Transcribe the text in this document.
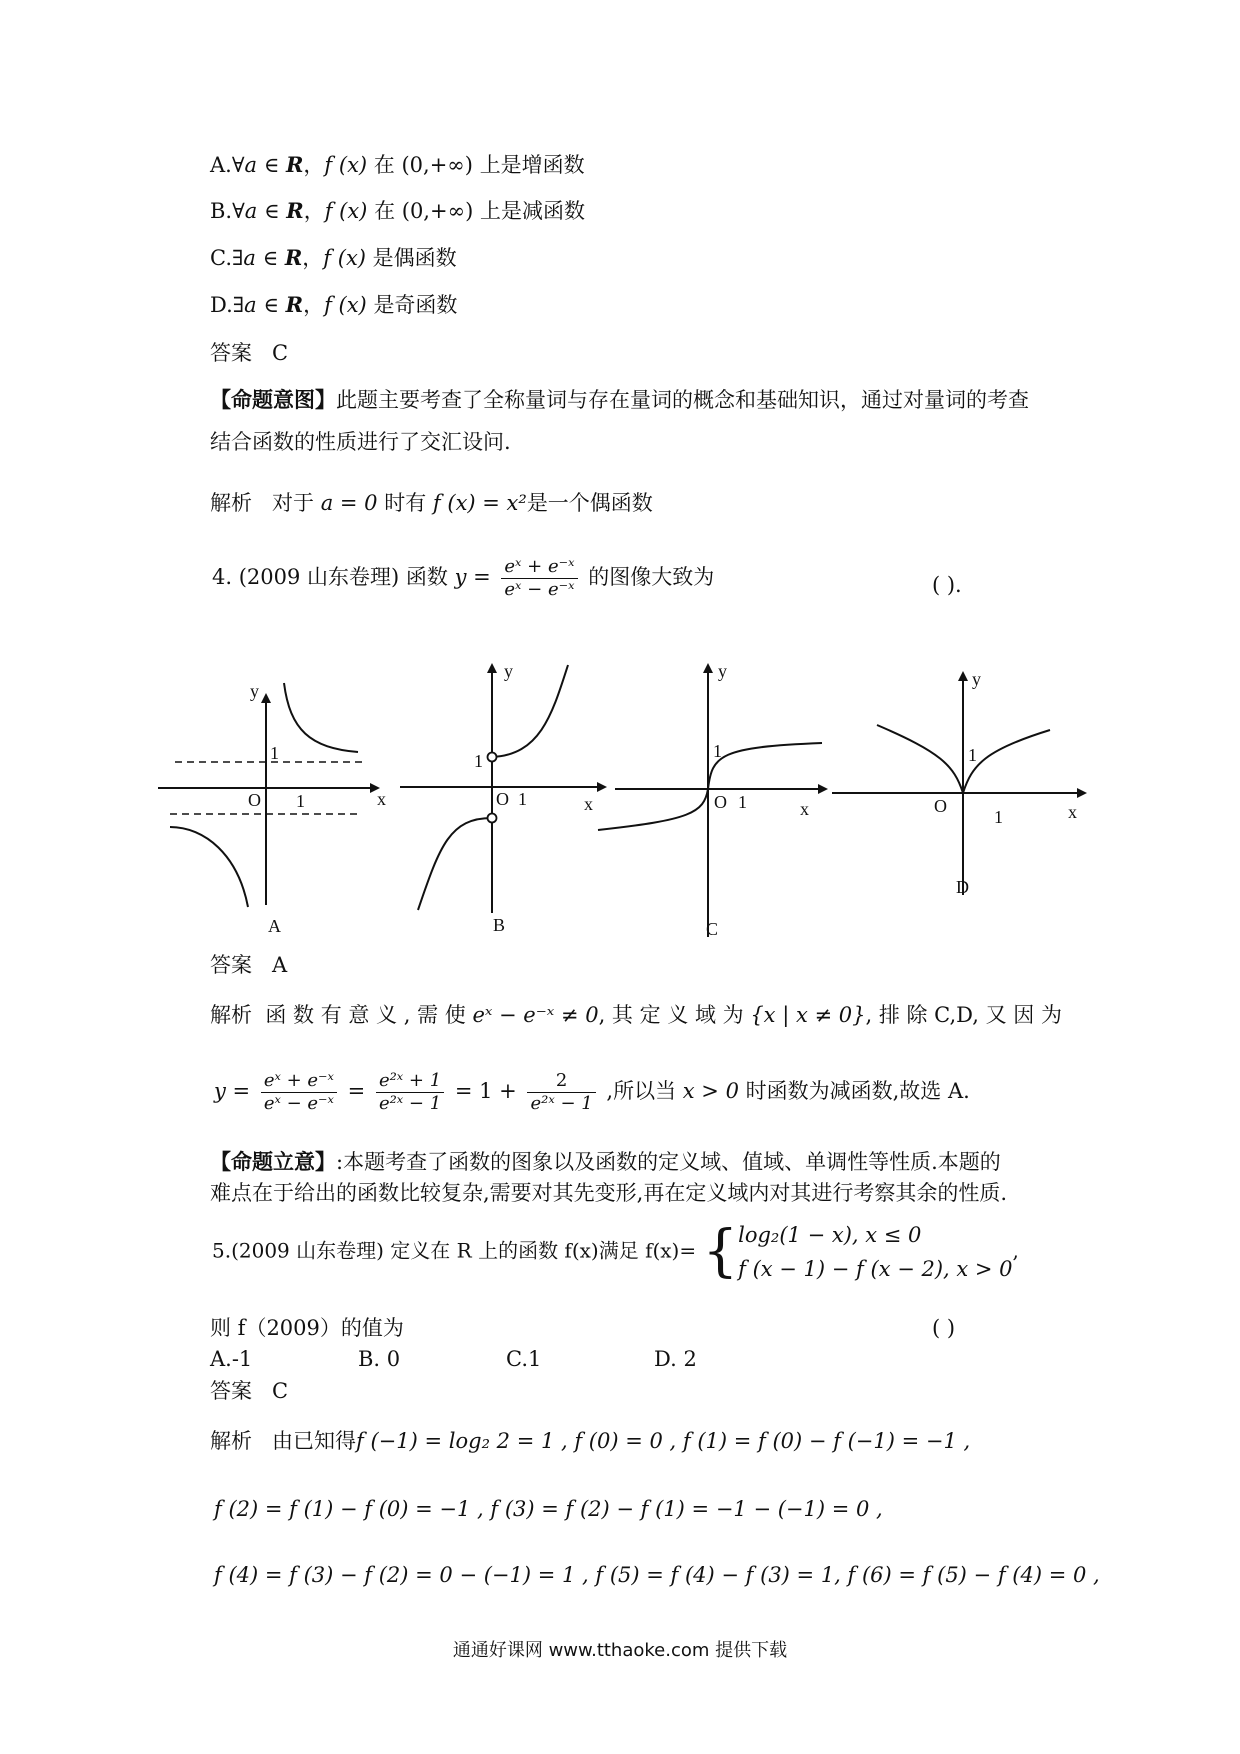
A.∀a ∈ R，f (x) 在 (0,+∞) 上是增函数
B.∀a ∈ R，f (x) 在 (0,+∞) 上是减函数
C.∃a ∈ R，f (x) 是偶函数
D.∃a ∈ R，f (x) 是奇函数
答案 C
【命题意图】此题主要考查了全称量词与存在量词的概念和基础知识，通过对量词的考查
结合函数的性质进行了交汇设问.
解析 对于 a = 0 时有 f (x) = x²是一个偶函数
4. (2009 山东卷理) 函数 $y = \frac{\text{eˣ + e⁻ˣ}}{\text{eˣ − e⁻ˣ}}$ 的图像大致为	( ).
y
1
O 1	x
A
y
1
O 1	x
B
y
1
O 1	x
C
y
1
O
1	x
D
答案 A
解析 函 数 有 意 义 , 需 使 eˣ − e⁻ˣ ≠ 0, 其 定 义 域 为 {x | x ≠ 0}, 排 除 C,D, 又 因 为
$y = \frac{\text{eˣ + e⁻ˣ}}{\text{eˣ − e⁻ˣ}} = \frac{\text{e²ˣ + 1}}{\text{e²ˣ − 1}} = 1 + \frac{2}{\text{e²ˣ − 1}}$ ,所以当 x > 0 时函数为减函数,故选 A.
【命题立意】:本题考查了函数的图象以及函数的定义域、值域、单调性等性质.本题的
难点在于给出的函数比较复杂,需要对其先变形,再在定义域内对其进行考察其余的性质.
5.(2009 山东卷理) 定义在 R 上的函数 f(x)满足 f(x)= { log₂(1 − x), x ≤ 0
f (x − 1) − f (x − 2), x > 0
,
则 f（2009）的值为	( )
A.-1	B. 0	C.1	D. 2
答案 C
解析 由已知得f (−1) = log₂ 2 = 1 , f (0) = 0 , f (1) = f (0) − f (−1) = −1 ,
f (2) = f (1) − f (0) = −1 , f (3) = f (2) − f (1) = −1 − (−1) = 0 ,
f (4) = f (3) − f (2) = 0 − (−1) = 1 , f (5) = f (4) − f (3) = 1, f (6) = f (5) − f (4) = 0 ,
通通好课网 www.tthaoke.com 提供下载
